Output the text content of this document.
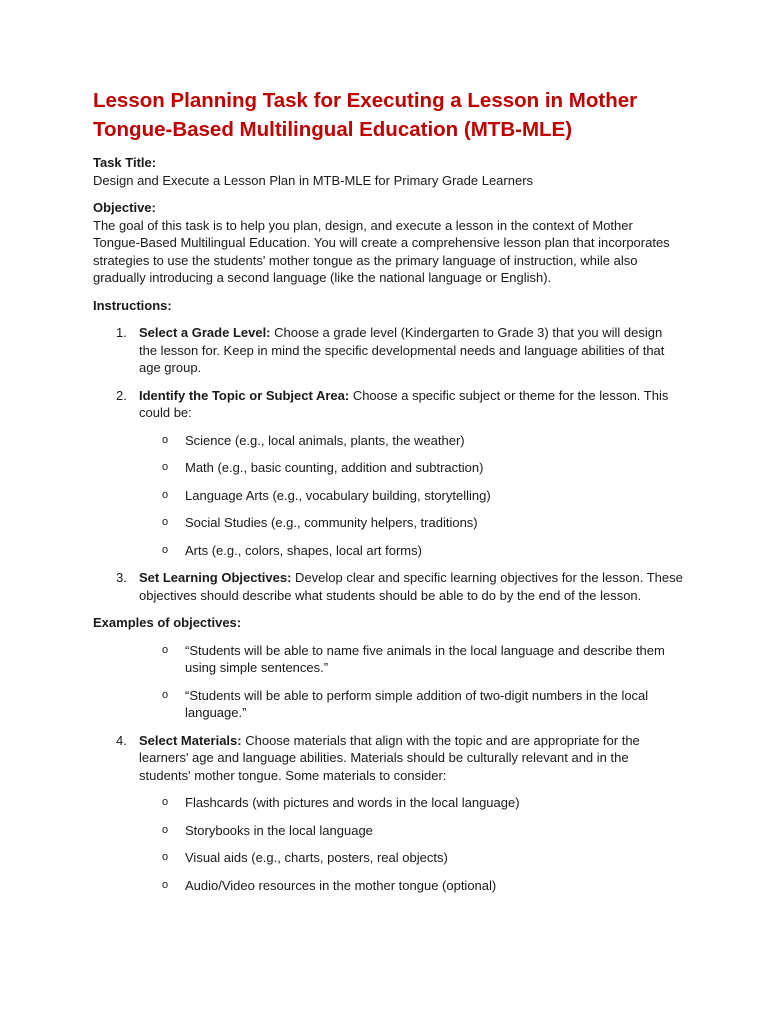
Lesson Planning Task for Executing a Lesson in Mother Tongue-Based Multilingual Education (MTB-MLE)

Task Title:

Design and Execute a Lesson Plan in MTB-MLE for Primary Grade Learners

Objective:

The goal of this task is to help you plan, design, and execute a lesson in the context of Mother Tongue-Based Multilingual Education. You will create a comprehensive lesson plan that incorporates strategies to use the students' mother tongue as the primary language of instruction, while also gradually introducing a second language (like the national language or English).

Instructions:

1. Select a Grade Level: Choose a grade level (Kindergarten to Grade 3) that you will design the lesson for. Keep in mind the specific developmental needs and language abilities of that age group.
2. Identify the Topic or Subject Area: Choose a specific subject or theme for the lesson. This could be:
o Science (e.g., local animals, plants, the weather)
o Math (e.g., basic counting, addition and subtraction)
o Language Arts (e.g., vocabulary building, storytelling)
o Social Studies (e.g., community helpers, traditions)
o Arts (e.g., colors, shapes, local art forms)
3. Set Learning Objectives: Develop clear and specific learning objectives for the lesson. These objectives should describe what students should be able to do by the end of the lesson.

Examples of objectives:

o “Students will be able to name five animals in the local language and describe them using simple sentences.”
o “Students will be able to perform simple addition of two-digit numbers in the local language.”
4. Select Materials: Choose materials that align with the topic and are appropriate for the learners' age and language abilities. Materials should be culturally relevant and in the students' mother tongue. Some materials to consider:
o Flashcards (with pictures and words in the local language)
o Storybooks in the local language
o Visual aids (e.g., charts, posters, real objects)
o Audio/Video resources in the mother tongue (optional)
